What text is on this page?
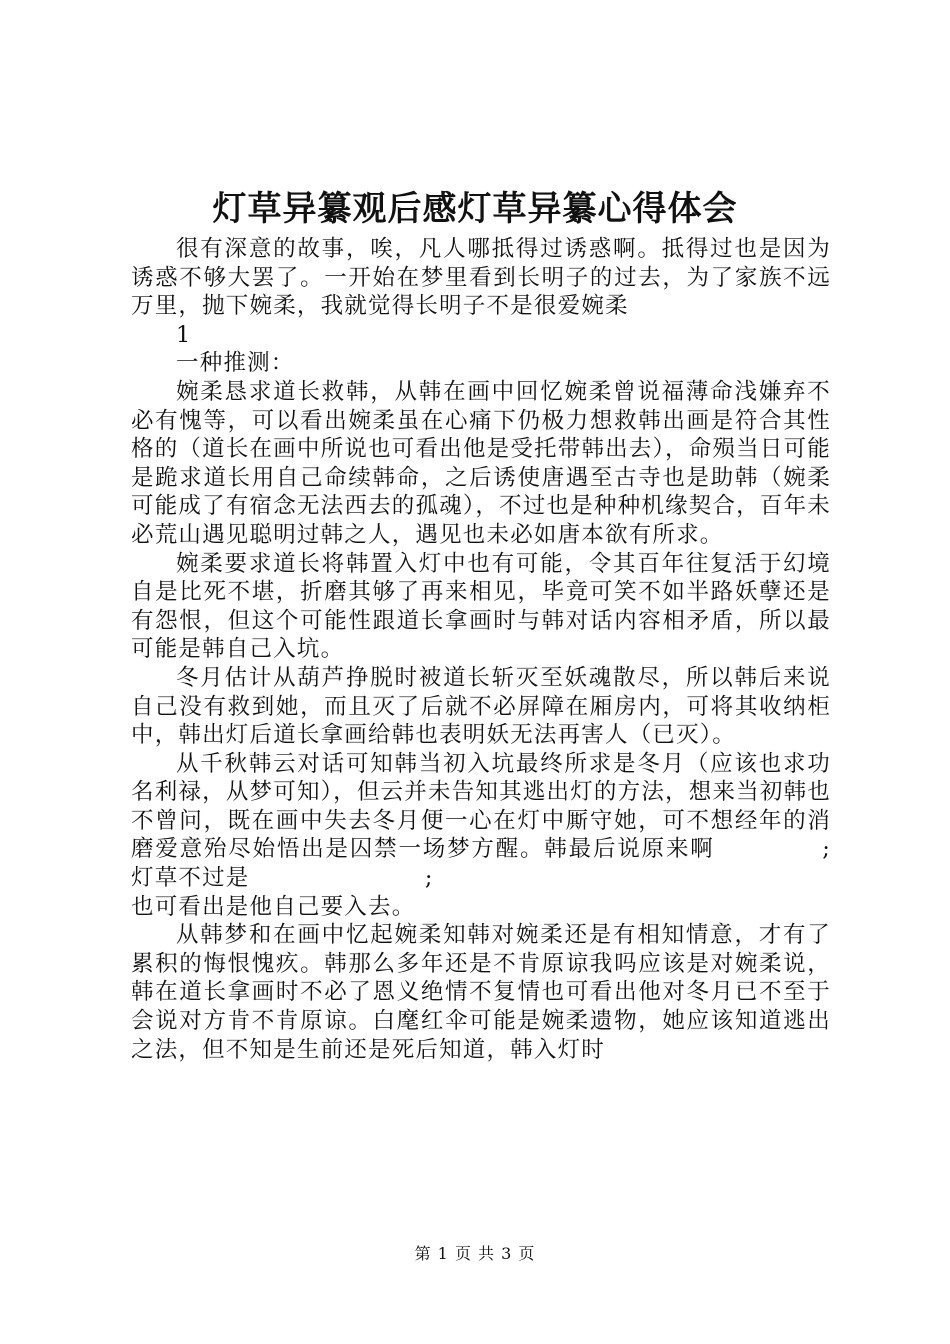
灯草异纂观后感灯草异纂心得体会

很有深意的故事，唉，凡人哪抵得过诱惑啊。抵得过也是因为诱惑不够大罢了。一开始在梦里看到长明子的过去，为了家族不远万里，抛下婉柔，我就觉得长明子不是很爱婉柔

1

一种推测：

婉柔恳求道长救韩，从韩在画中回忆婉柔曾说福薄命浅嫌弃不必有愧等，可以看出婉柔虽在心痛下仍极力想救韩出画是符合其性格的（道长在画中所说也可看出他是受托带韩出去），命殒当日可能是跪求道长用自己命续韩命，之后诱使唐遇至古寺也是助韩（婉柔可能成了有宿念无法西去的孤魂），不过也是种种机缘契合，百年未必荒山遇见聪明过韩之人，遇见也未必如唐本欲有所求。

婉柔要求道长将韩置入灯中也有可能，令其百年往复活于幻境自是比死不堪，折磨其够了再来相见，毕竟可笑不如半路妖孽还是有怨恨，但这个可能性跟道长拿画时与韩对话内容相矛盾，所以最可能是韩自己入坑。

冬月估计从葫芦挣脱时被道长斩灭至妖魂散尽，所以韩后来说自己没有救到她，而且灭了后就不必屏障在厢房内，可将其收纳柜中，韩出灯后道长拿画给韩也表明妖无法再害人（已灭）。

从千秋韩云对话可知韩当初入坑最终所求是冬月（应该也求功名利禄，从梦可知），但云并未告知其逃出灯的方法，想来当初韩也不曾问，既在画中失去冬月便一心在灯中厮守她，可不想经年的消磨爱意殆尽始悟出是囚禁一场梦方醒。韩最后说原来啊	;灯草不过是	;
也可看出是他自己要入去。

从韩梦和在画中忆起婉柔知韩对婉柔还是有相知情意，才有了累积的悔恨愧疚。韩那么多年还是不肯原谅我吗应该是对婉柔说，韩在道长拿画时不必了恩义绝情不复情也可看出他对冬月已不至于会说对方肯不肯原谅。白麾红伞可能是婉柔遗物，她应该知道逃出之法，但不知是生前还是死后知道，韩入灯时

第 1 页 共 3 页
